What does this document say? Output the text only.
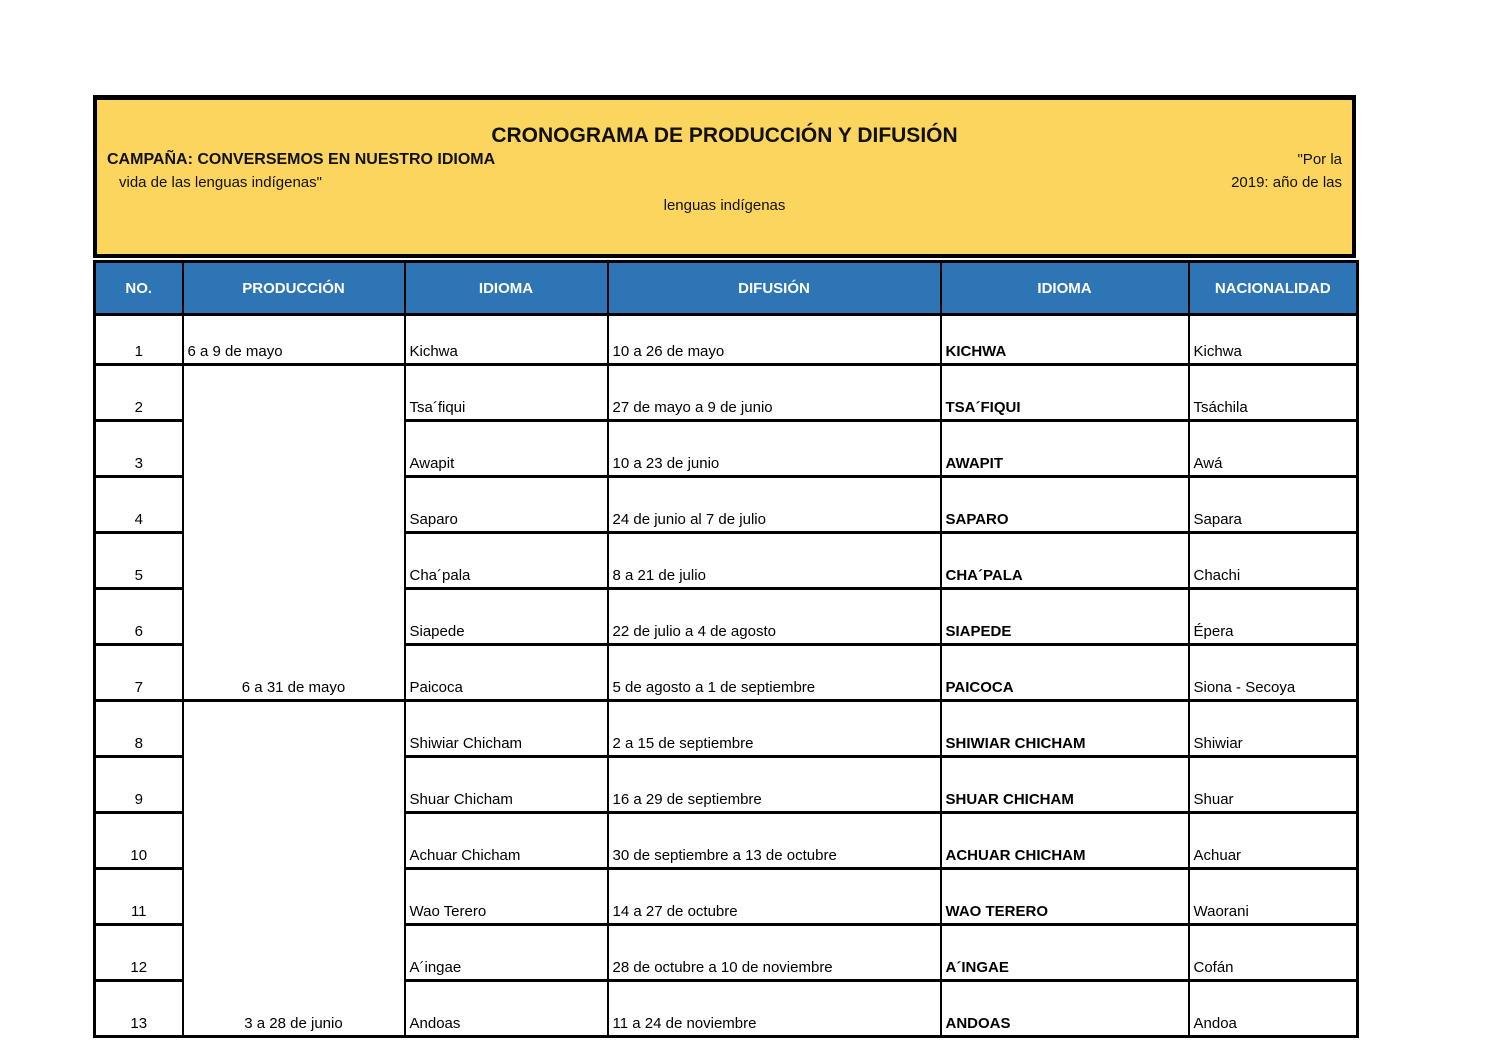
CRONOGRAMA DE PRODUCCIÓN Y DIFUSIÓN
CAMPAÑA: CONVERSEMOS EN NUESTRO IDIOMA	"Por la
vida de las lenguas indígenas"	2019: año de las
lenguas indígenas
NO.	PRODUCCIÓN	IDIOMA	DIFUSIÓN	IDIOMA	NACIONALIDAD
1	6 a 9 de mayo	Kichwa	10 a 26 de mayo	KICHWA	Kichwa
2	6 a 31 de mayo	Tsa´fiqui	27 de mayo a 9 de junio	TSA´FIQUI	Tsáchila
3		Awapit	10 a 23 de junio	AWAPIT	Awá
4		Saparo	24 de junio al 7 de julio	SAPARO	Sapara
5		Cha´pala	8 a 21 de julio	CHA´PALA	Chachi
6		Siapede	22 de julio a 4 de agosto	SIAPEDE	Épera
7		Paicoca	5 de agosto a 1 de septiembre	PAICOCA	Siona - Secoya
8	3 a 28 de junio	Shiwiar Chicham	2 a 15 de septiembre	SHIWIAR CHICHAM	Shiwiar
9		Shuar Chicham	16 a 29 de septiembre	SHUAR CHICHAM	Shuar
10		Achuar Chicham	30 de septiembre a 13 de octubre	ACHUAR CHICHAM	Achuar
11		Wao Terero	14 a 27 de octubre	WAO TERERO	Waorani
12		A´ingae	28 de octubre a 10 de noviembre	A´INGAE	Cofán
13		Andoas	11 a 24 de noviembre	ANDOAS	Andoa
